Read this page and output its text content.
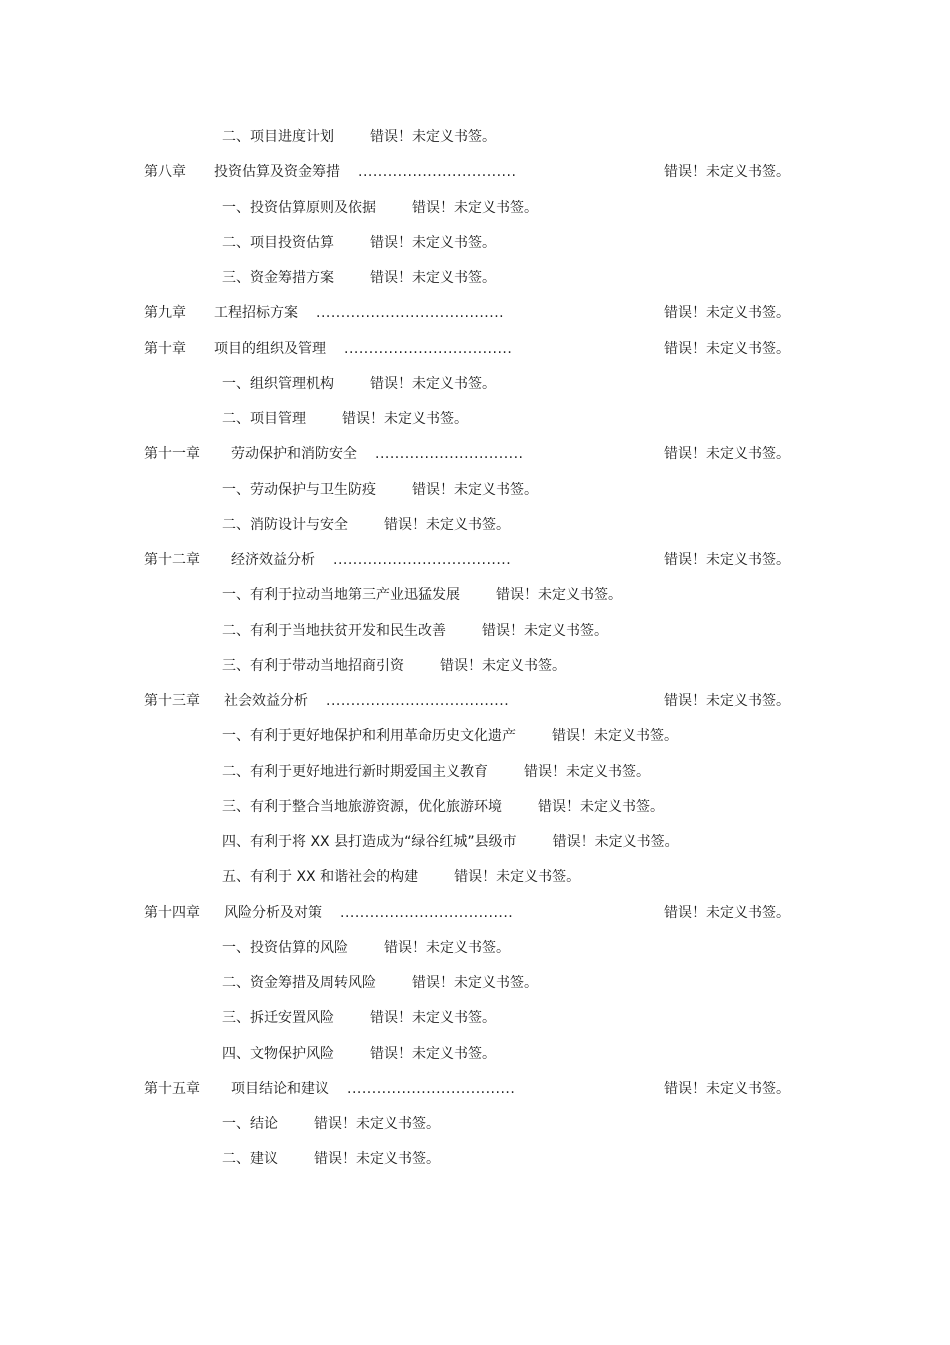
二、项目进度计划	错误！未定义书签。
第八章 投资估算及资金筹措 ................................	错误！未定义书签。
一、投资估算原则及依据	错误！未定义书签。
二、项目投资估算	错误！未定义书签。
三、资金筹措方案	错误！未定义书签。
第九章 工程招标方案 ......................................	错误！未定义书签。
第十章 项目的组织及管理 ..................................	错误！未定义书签。
一、组织管理机构	错误！未定义书签。
二、项目管理	错误！未定义书签。
第十一章 劳动保护和消防安全 ..............................	错误！未定义书签。
一、劳动保护与卫生防疫	错误！未定义书签。
二、消防设计与安全	错误！未定义书签。
第十二章 经济效益分析 ....................................	错误！未定义书签。
一、有利于拉动当地第三产业迅猛发展	错误！未定义书签。
二、有利于当地扶贫开发和民生改善	错误！未定义书签。
三、有利于带动当地招商引资	错误！未定义书签。
第十三章 社会效益分析 .....................................	错误！未定义书签。
一、有利于更好地保护和利用革命历史文化遗产	错误！未定义书签。
二、有利于更好地进行新时期爱国主义教育	错误！未定义书签。
三、有利于整合当地旅游资源，优化旅游环境	错误！未定义书签。
四、有利于将 XX 县打造成为“绿谷红城”县级市	错误！未定义书签。
五、有利于 XX 和谐社会的构建	错误！未定义书签。
第十四章 风险分析及对策 ...................................	错误！未定义书签。
一、投资估算的风险	错误！未定义书签。
二、资金筹措及周转风险	错误！未定义书签。
三、拆迁安置风险	错误！未定义书签。
四、文物保护风险	错误！未定义书签。
第十五章 项目结论和建议 ..................................	错误！未定义书签。
一、结论	错误！未定义书签。
二、建议	错误！未定义书签。
